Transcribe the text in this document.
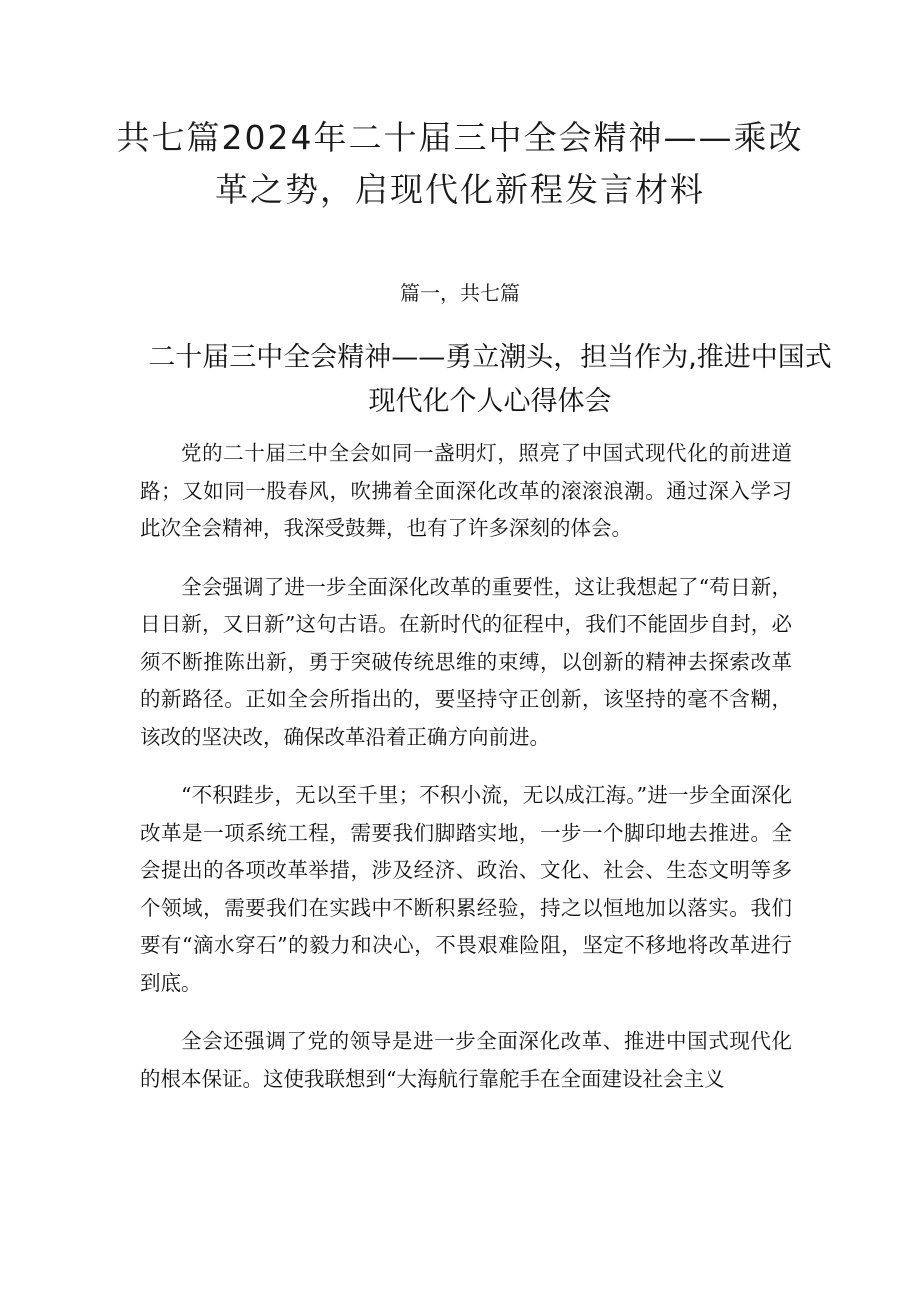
共七篇2024年二十届三中全会精神——乘改革之势，启现代化新程发言材料
篇一，共七篇
二十届三中全会精神——勇立潮头，担当作为,推进中国式现代化个人心得体会

党的二十届三中全会如同一盏明灯，照亮了中国式现代化的前进道路；又如同一股春风，吹拂着全面深化改革的滚滚浪潮。通过深入学习此次全会精神，我深受鼓舞，也有了许多深刻的体会。

全会强调了进一步全面深化改革的重要性，这让我想起了“苟日新，日日新，又日新”这句古语。在新时代的征程中，我们不能固步自封，必须不断推陈出新，勇于突破传统思维的束缚，以创新的精神去探索改革的新路径。正如全会所指出的，要坚持守正创新，该坚持的毫不含糊，该改的坚决改，确保改革沿着正确方向前进。

“不积跬步，无以至千里；不积小流，无以成江海。”进一步全面深化改革是一项系统工程，需要我们脚踏实地，一步一个脚印地去推进。全会提出的各项改革举措，涉及经济、政治、文化、社会、生态文明等多个领域，需要我们在实践中不断积累经验，持之以恒地加以落实。我们要有“滴水穿石”的毅力和决心，不畏艰难险阻，坚定不移地将改革进行到底。

全会还强调了党的领导是进一步全面深化改革、推进中国式现代化的根本保证。这使我联想到“大海航行靠舵手在全面建设社会主义
